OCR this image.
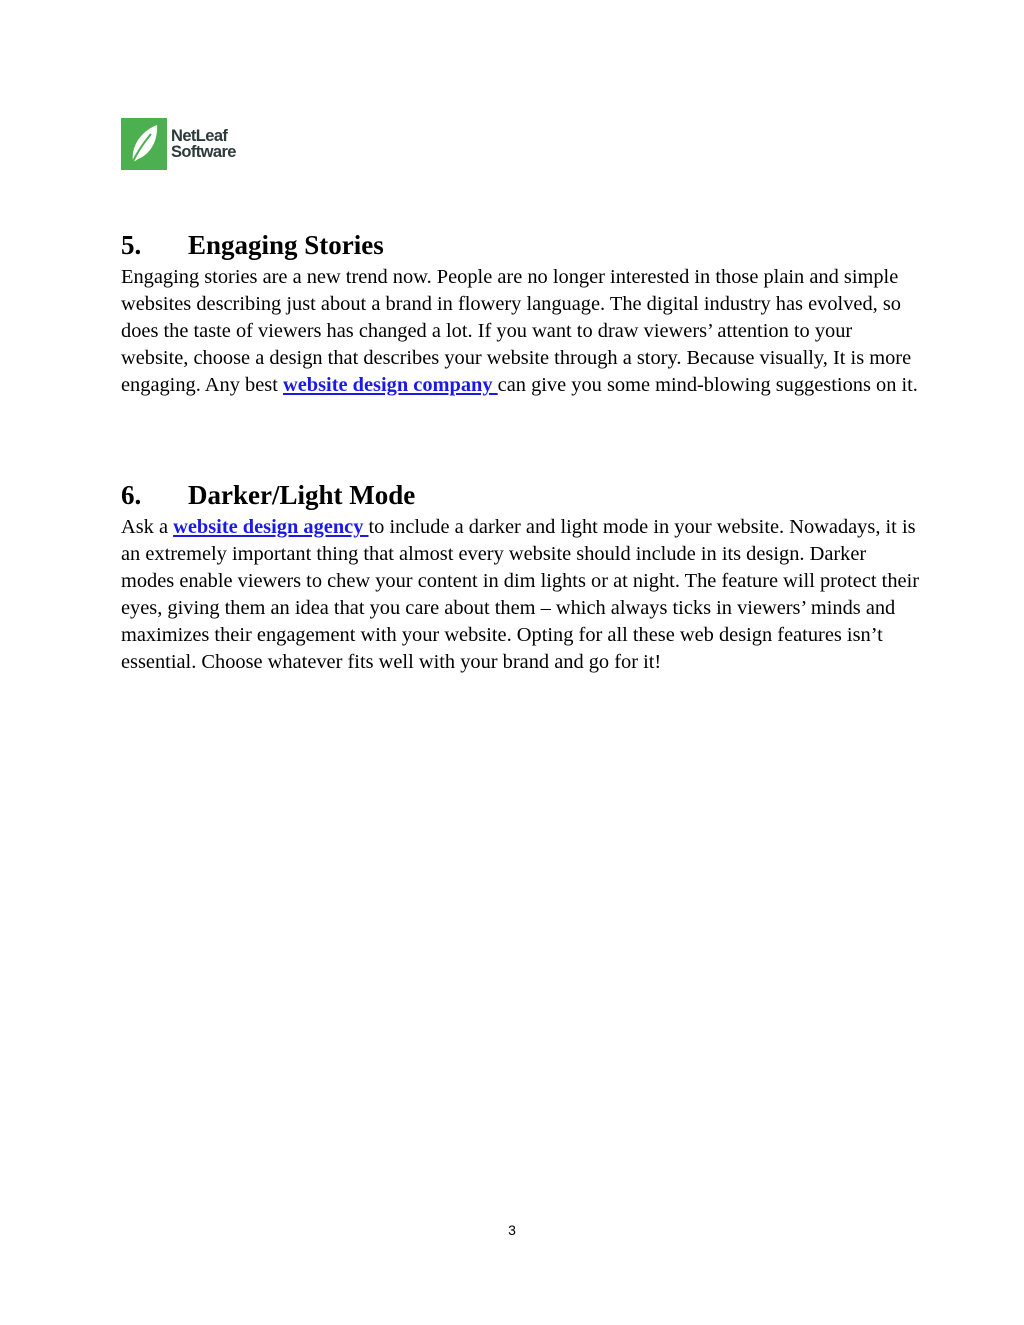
NetLeaf
Software
5.	Engaging Stories

Engaging stories are a new trend now. People are no longer interested in those plain and simple websites describing just about a brand in flowery language. The digital industry has evolved, so does the taste of viewers has changed a lot. If you want to draw viewers’ attention to your website, choose a design that describes your website through a story. Because visually, It is more engaging. Any best website design company can give you some mind-blowing suggestions on it.

6.	Darker/Light Mode

Ask a website design agency to include a darker and light mode in your website. Nowadays, it is an extremely important thing that almost every website should include in its design. Darker modes enable viewers to chew your content in dim lights or at night. The feature will protect their eyes, giving them an idea that you care about them – which always ticks in viewers’ minds and maximizes their engagement with your website. Opting for all these web design features isn’t essential. Choose whatever fits well with your brand and go for it!

3
